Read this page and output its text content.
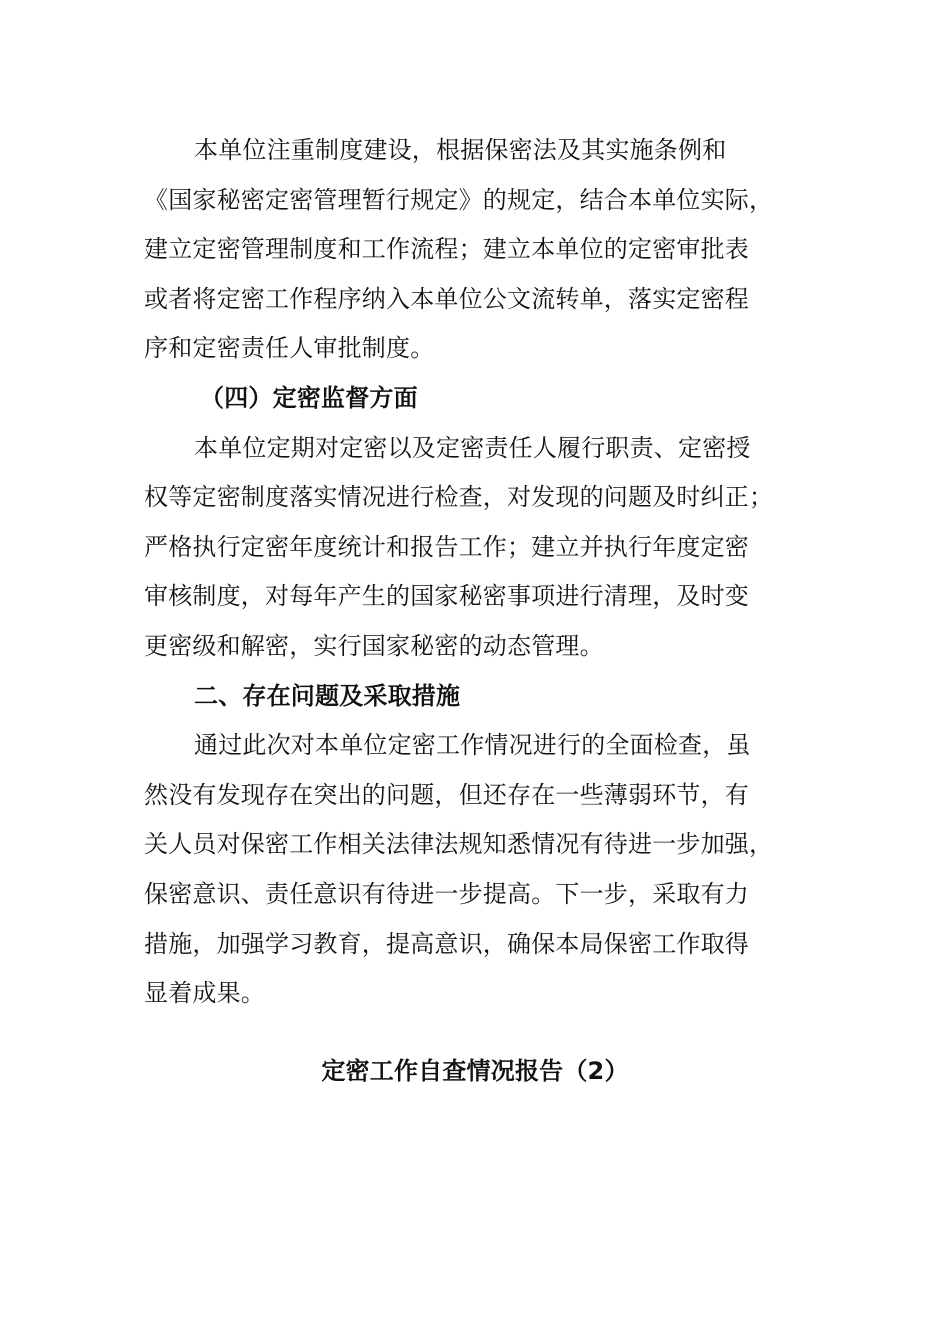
本单位注重制度建设，根据保密法及其实施条例和
《国家秘密定密管理暂行规定》的规定，结合本单位实际，
建立定密管理制度和工作流程；建立本单位的定密审批表
或者将定密工作程序纳入本单位公文流转单，落实定密程
序和定密责任人审批制度。
（四）定密监督方面
本单位定期对定密以及定密责任人履行职责、定密授
权等定密制度落实情况进行检查，对发现的问题及时纠正；
严格执行定密年度统计和报告工作；建立并执行年度定密
审核制度，对每年产生的国家秘密事项进行清理，及时变
更密级和解密，实行国家秘密的动态管理。
二、存在问题及采取措施
通过此次对本单位定密工作情况进行的全面检查，虽
然没有发现存在突出的问题，但还存在一些薄弱环节，有
关人员对保密工作相关法律法规知悉情况有待进一步加强，
保密意识、责任意识有待进一步提高。下一步，采取有力
措施，加强学习教育，提高意识，确保本局保密工作取得
显着成果。
定密工作自查情况报告（2）
